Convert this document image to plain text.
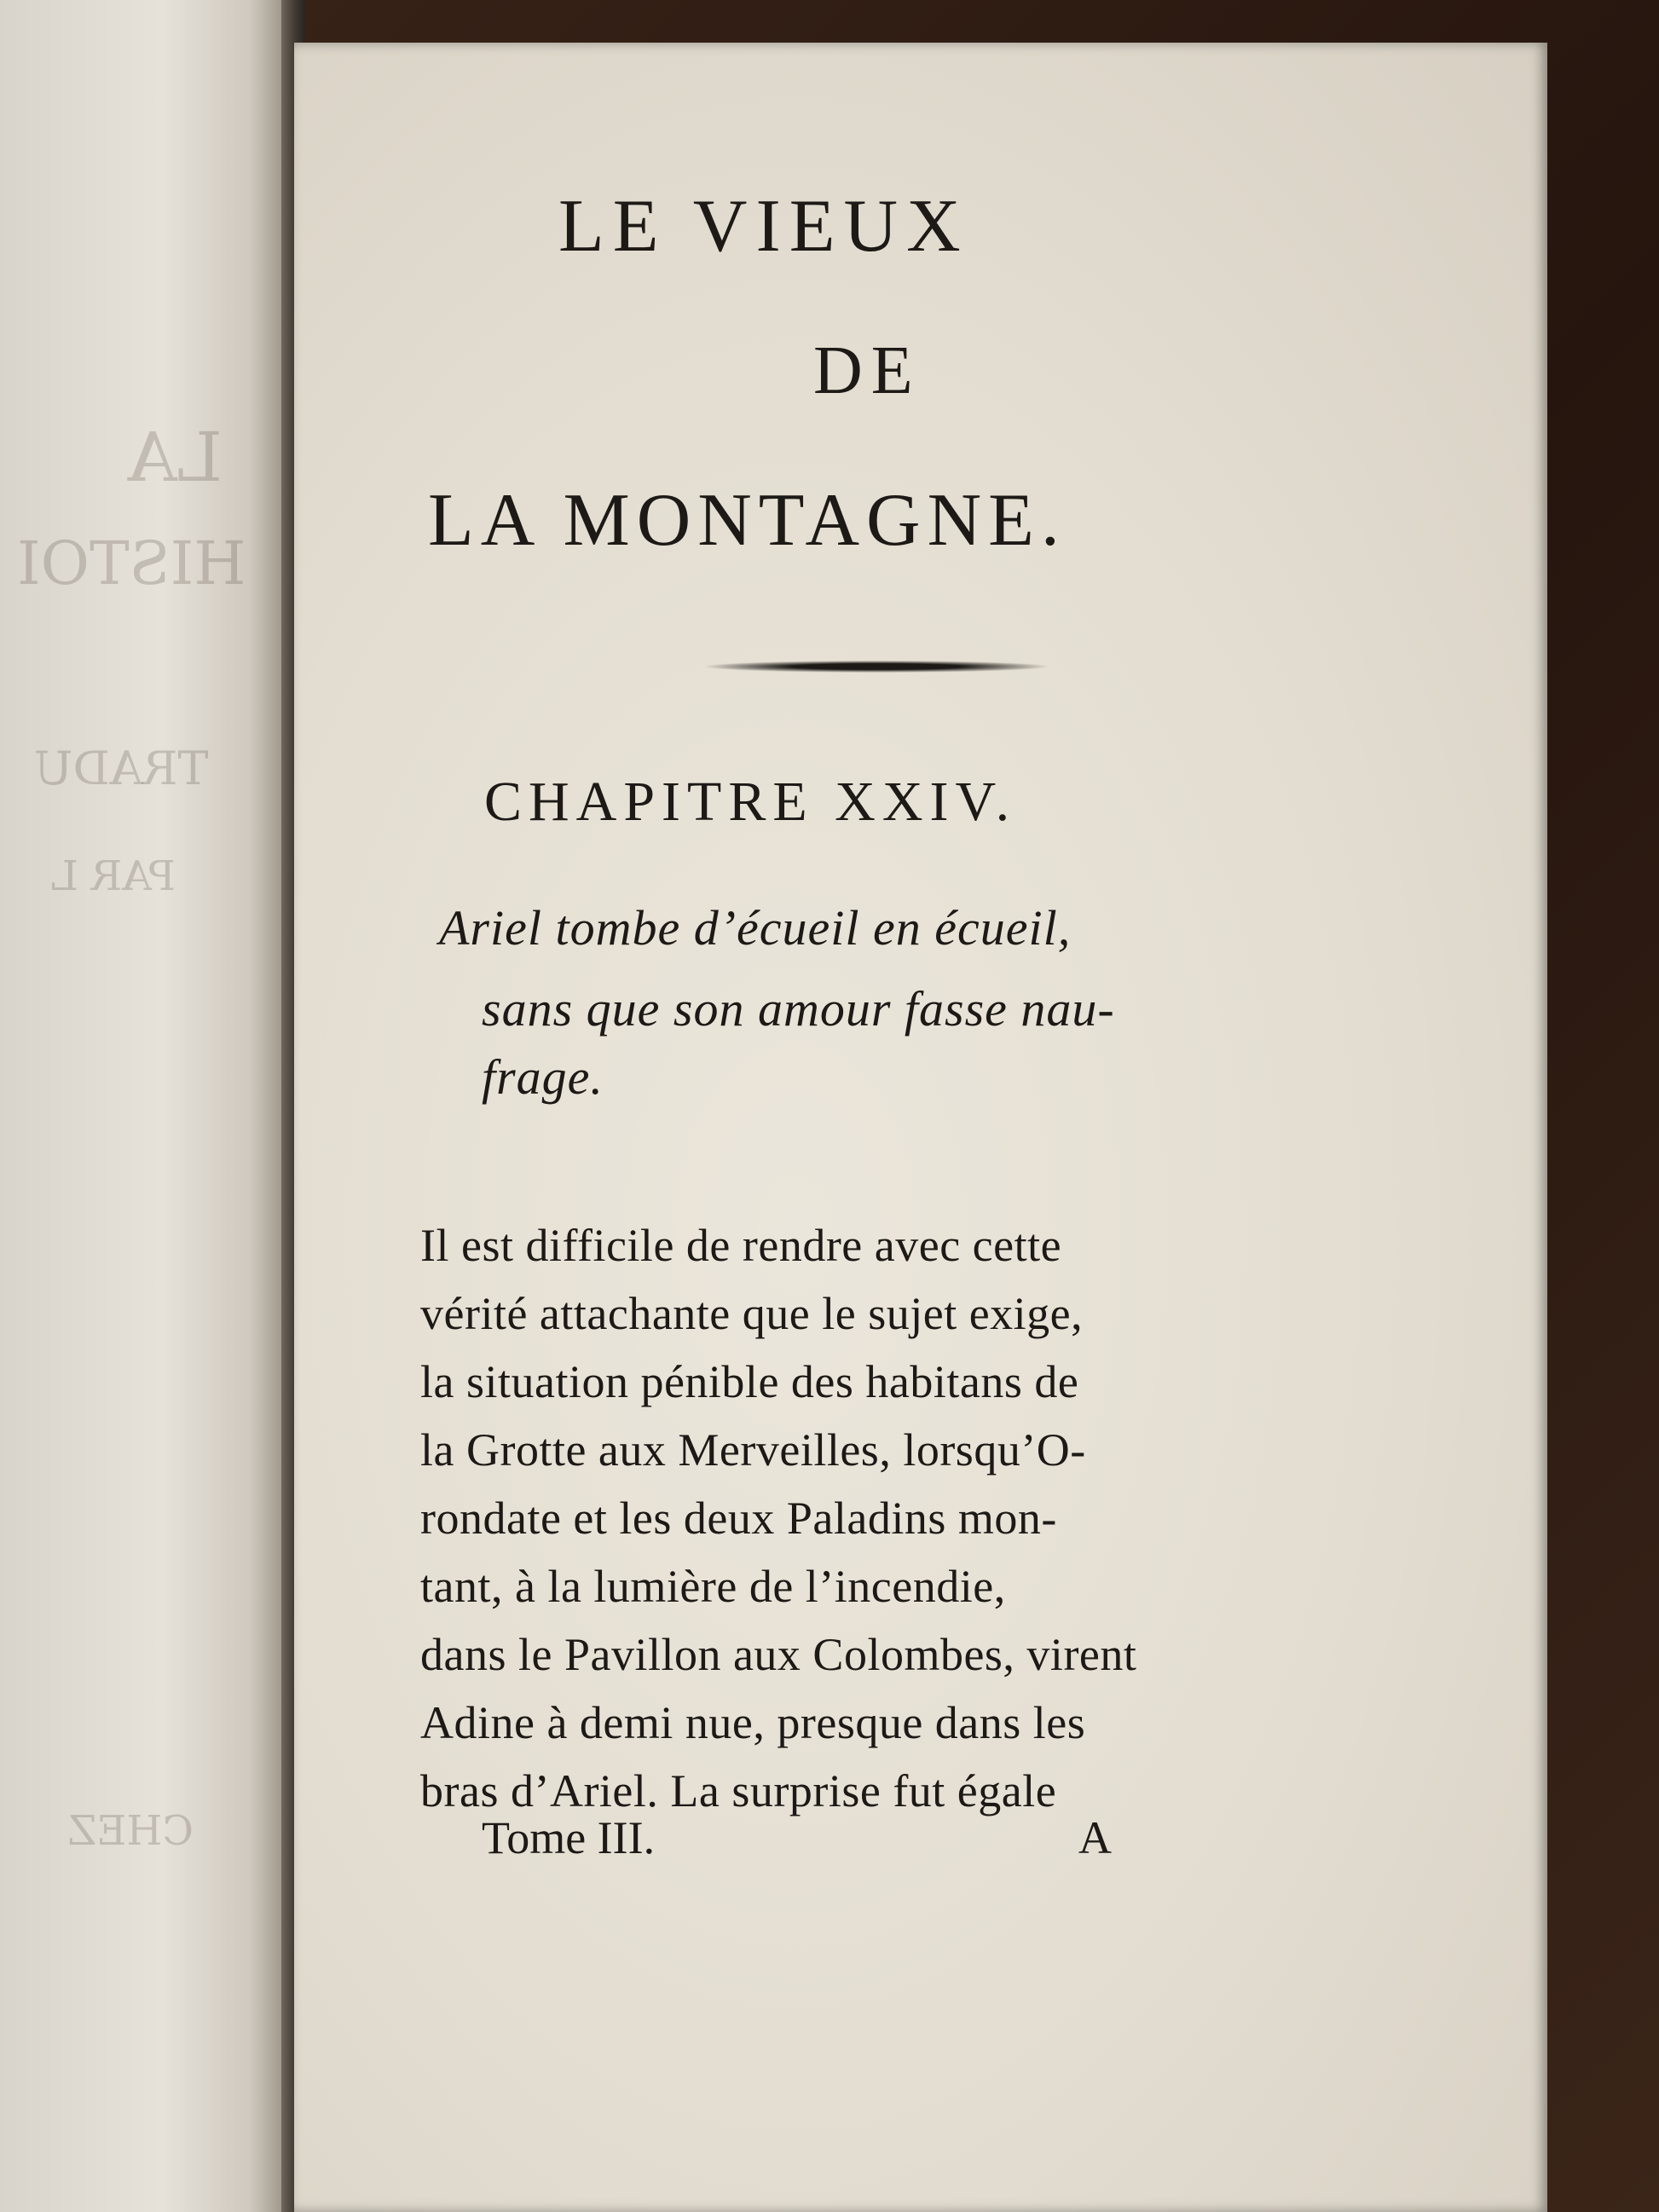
LA
HISTOI
TRADU
PAR L
CHEZ
LE VIEUX
DE
LA MONTAGNE.
CHAPITRE XXIV.
Ariel tombe d’écueil en écueil,
sans que son amour fasse nau-
frage.
Il est difficile de rendre avec cette
vérité attachante que le sujet exige,
la situation pénible des habitans de
la Grotte aux Merveilles, lorsqu’O-
rondate et les deux Paladins mon-
tant, à la lumière de l’incendie,
dans le Pavillon aux Colombes, virent
Adine à demi nue, presque dans les
bras d’Ariel. La surprise fut égale
Tome III.	A
